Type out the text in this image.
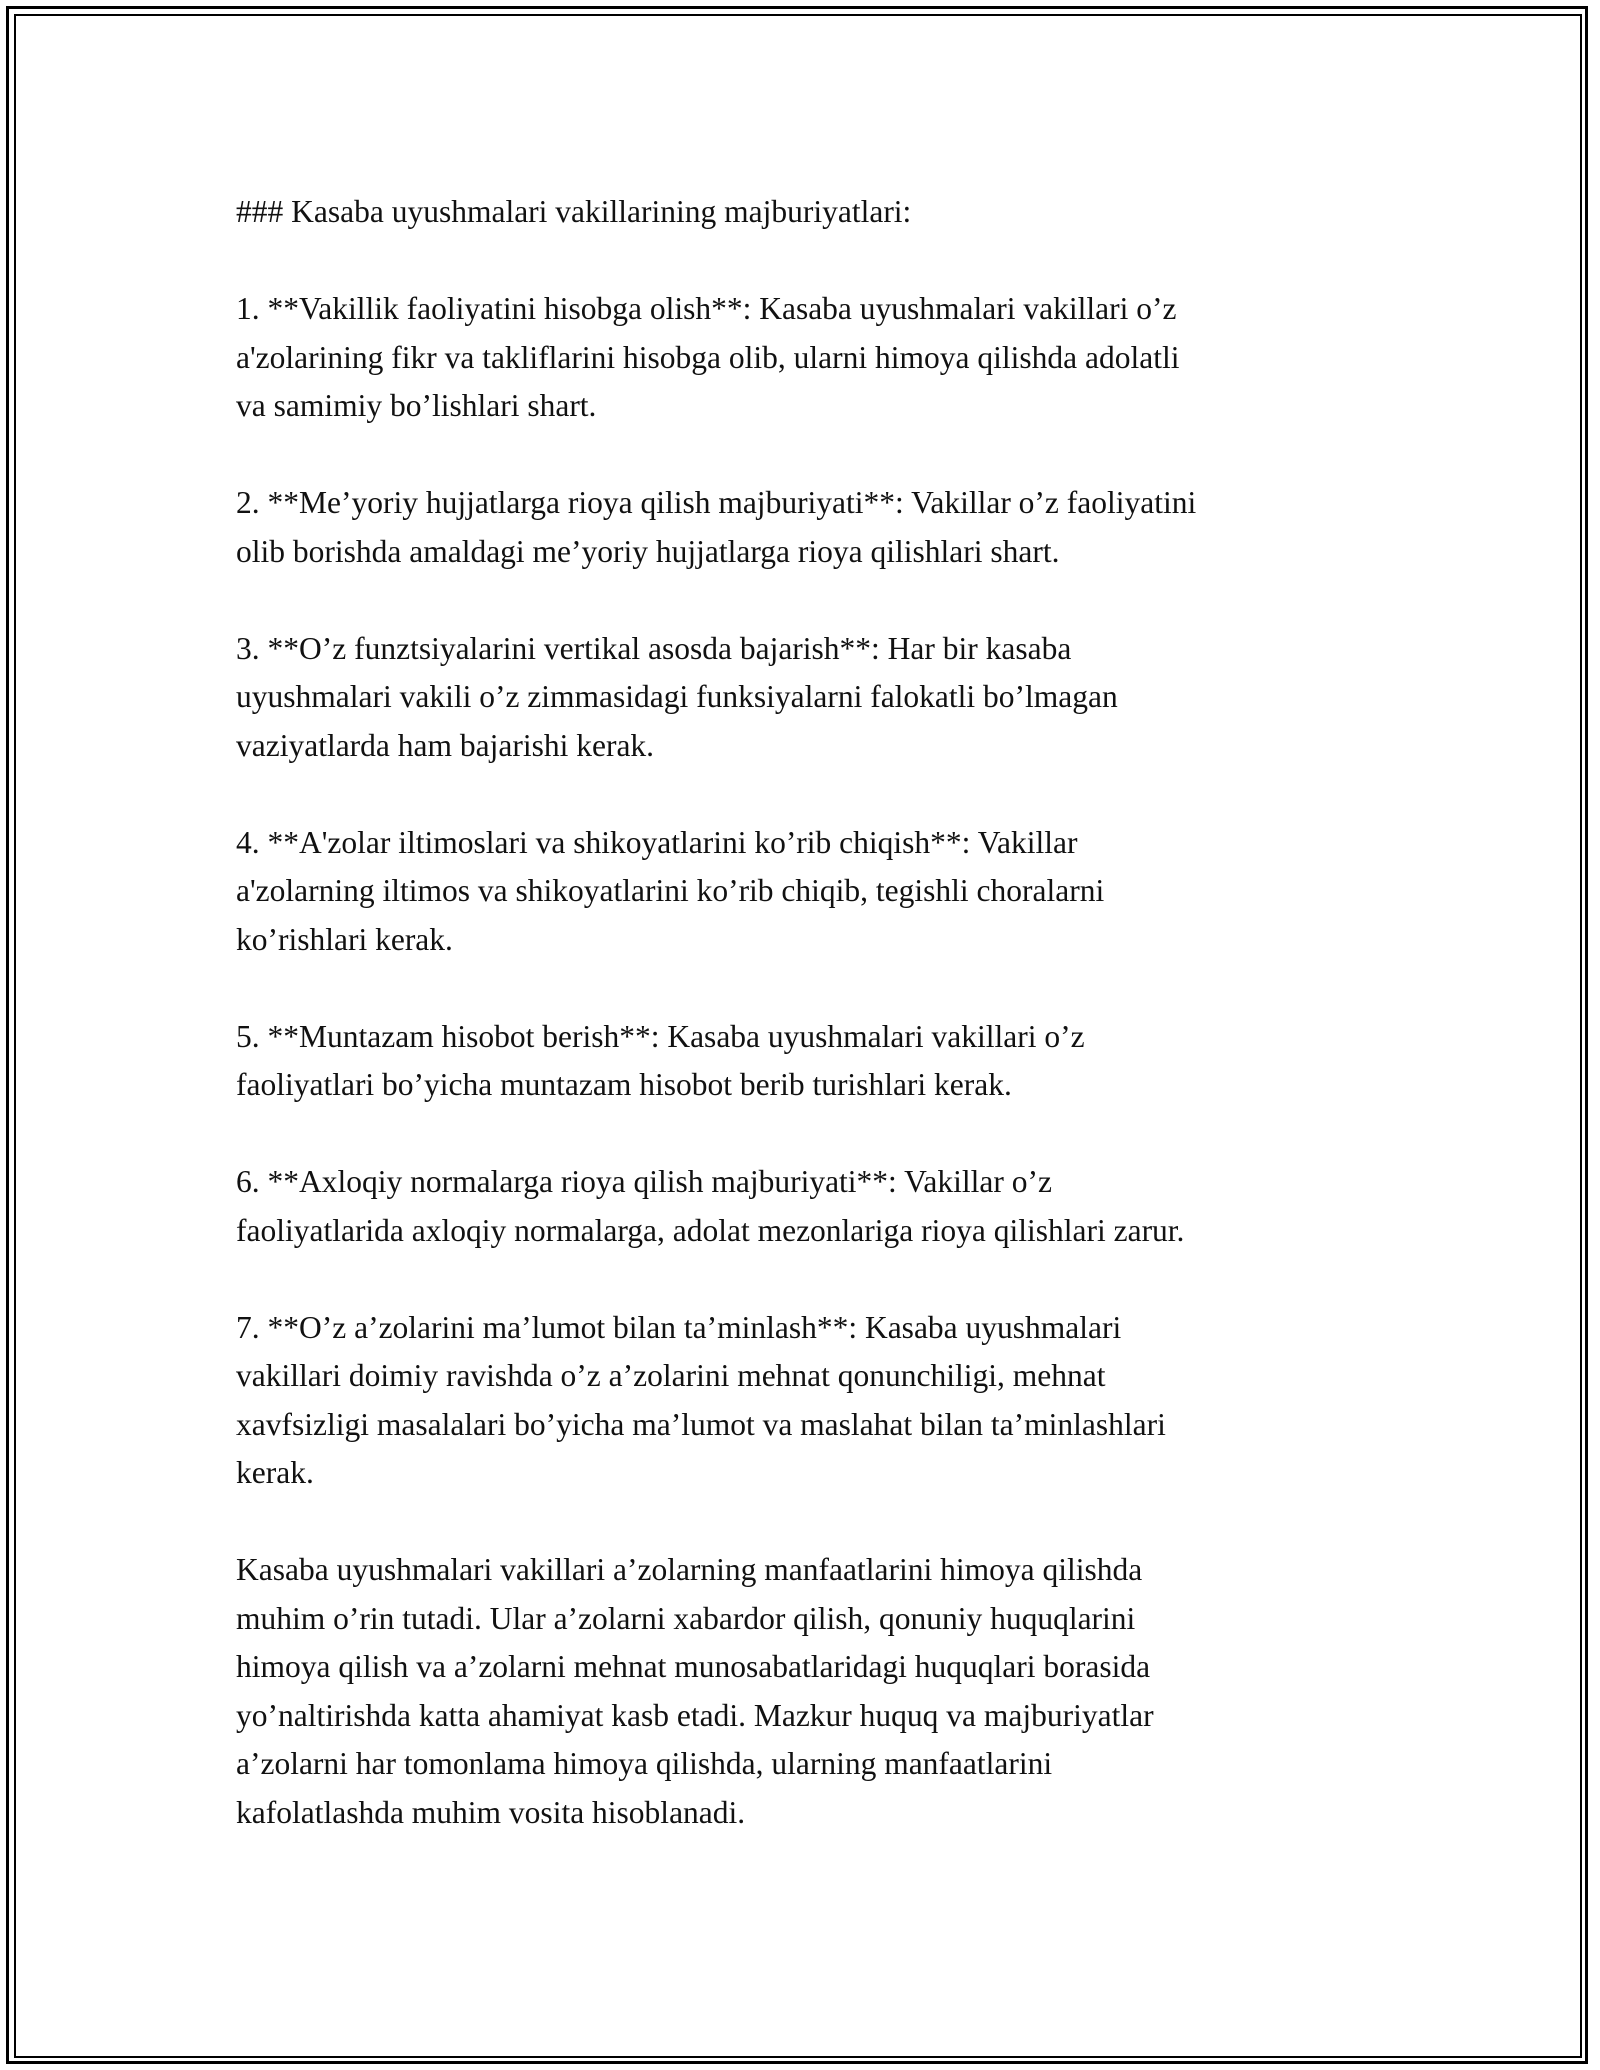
### Kasaba uyushmalari vakillarining majburiyatlari:

1. **Vakillik faoliyatini hisobga olish**: Kasaba uyushmalari vakillari o’z
a'zolarining fikr va takliflarini hisobga olib, ularni himoya qilishda adolatli
va samimiy bo’lishlari shart.

2. **Me’yoriy hujjatlarga rioya qilish majburiyati**: Vakillar o’z faoliyatini
olib borishda amaldagi me’yoriy hujjatlarga rioya qilishlari shart.

3. **O’z funztsiyalarini vertikal asosda bajarish**: Har bir kasaba
uyushmalari vakili o’z zimmasidagi funksiyalarni falokatli bo’lmagan
vaziyatlarda ham bajarishi kerak.

4. **A'zolar iltimoslari va shikoyatlarini ko’rib chiqish**: Vakillar
a'zolarning iltimos va shikoyatlarini ko’rib chiqib, tegishli choralarni
ko’rishlari kerak.

5. **Muntazam hisobot berish**: Kasaba uyushmalari vakillari o’z
faoliyatlari bo’yicha muntazam hisobot berib turishlari kerak.

6. **Axloqiy normalarga rioya qilish majburiyati**: Vakillar o’z
faoliyatlarida axloqiy normalarga, adolat mezonlariga rioya qilishlari zarur.

7. **O’z a’zolarini ma’lumot bilan ta’minlash**: Kasaba uyushmalari
vakillari doimiy ravishda o’z a’zolarini mehnat qonunchiligi, mehnat
xavfsizligi masalalari bo’yicha ma’lumot va maslahat bilan ta’minlashlari
kerak.

Kasaba uyushmalari vakillari a’zolarning manfaatlarini himoya qilishda
muhim o’rin tutadi. Ular a’zolarni xabardor qilish, qonuniy huquqlarini
himoya qilish va a’zolarni mehnat munosabatlaridagi huquqlari borasida
yo’naltirishda katta ahamiyat kasb etadi. Mazkur huquq va majburiyatlar
a’zolarni har tomonlama himoya qilishda, ularning manfaatlarini
kafolatlashda muhim vosita hisoblanadi.
